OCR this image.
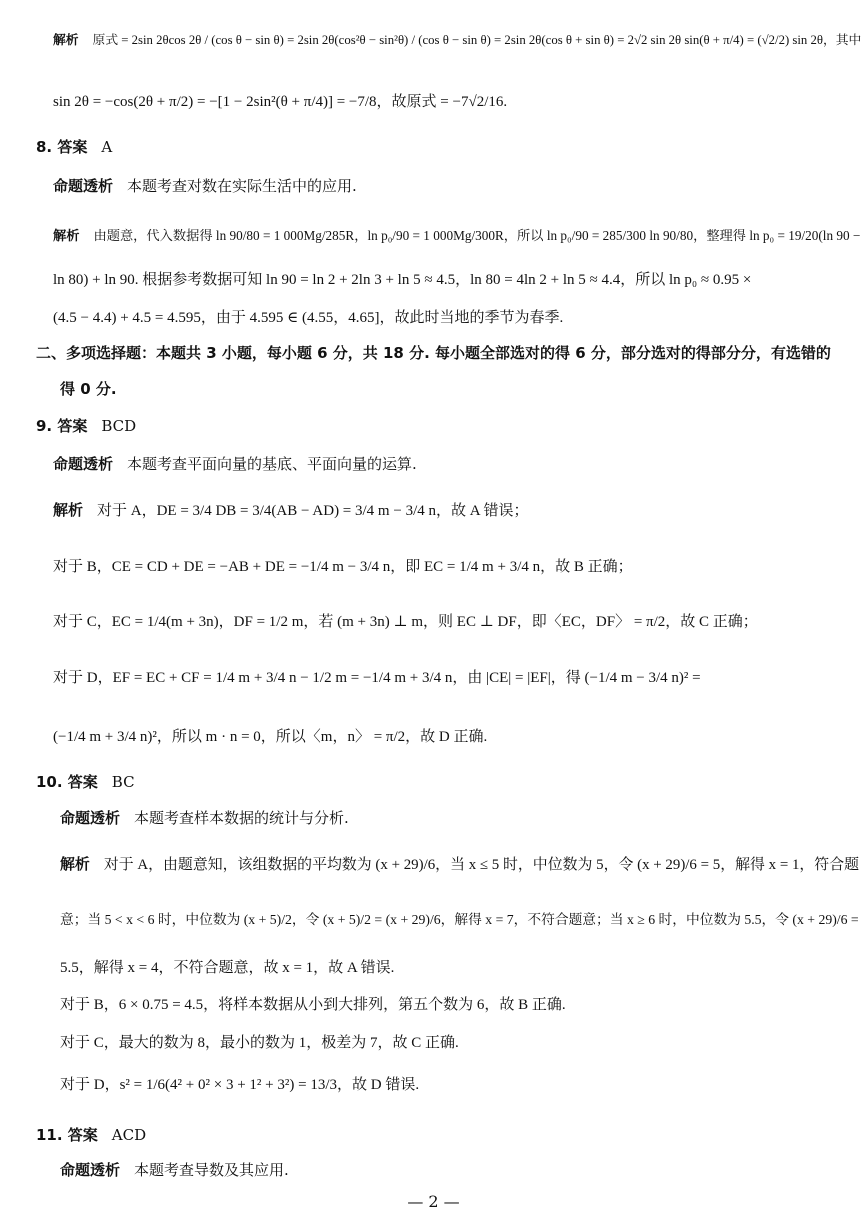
解析 原式 = 2sin 2θcos 2θ / (cos θ − sin θ) = 2sin 2θ(cos²θ − sin²θ) / (cos θ − sin θ) = 2sin 2θ(cos θ + sin θ) = 2√2 sin 2θ sin(θ + π/4) = (√2/2) sin 2θ，其中
sin 2θ = −cos(2θ + π/2) = −[1 − 2sin²(θ + π/4)] = −7/8，故原式 = −7√2/16.
8. 答案 A
命题透析 本题考查对数在实际生活中的应用.
解析 由题意，代入数据得 ln 90/80 = 1 000Mg/285R，ln p₀/90 = 1 000Mg/300R，所以 ln p₀/90 = 285/300 ln 90/80，整理得 ln p₀ = 19/20(ln 90 −
ln 80) + ln 90. 根据参考数据可知 ln 90 = ln 2 + 2ln 3 + ln 5 ≈ 4.5，ln 80 = 4ln 2 + ln 5 ≈ 4.4，所以 ln p₀ ≈ 0.95 ×
(4.5 − 4.4) + 4.5 = 4.595，由于 4.595 ∈ (4.55，4.65]，故此时当地的季节为春季.
二、多项选择题：本题共 3 小题，每小题 6 分，共 18 分. 每小题全部选对的得 6 分，部分选对的得部分分，有选错的
得 0 分.
9. 答案 BCD
命题透析 本题考查平面向量的基底、平面向量的运算.
解析 对于 A，DE = 3/4 DB = 3/4(AB − AD) = 3/4 m − 3/4 n，故 A 错误；
对于 B，CE = CD + DE = −AB + DE = −1/4 m − 3/4 n，即 EC = 1/4 m + 3/4 n，故 B 正确；
对于 C，EC = 1/4(m + 3n)，DF = 1/2 m，若 (m + 3n) ⊥ m，则 EC ⊥ DF，即〈EC，DF〉 = π/2，故 C 正确；
对于 D，EF = EC + CF = 1/4 m + 3/4 n − 1/2 m = −1/4 m + 3/4 n，由 |CE| = |EF|，得 (−1/4 m − 3/4 n)² =
(−1/4 m + 3/4 n)²，所以 m · n = 0，所以〈m，n〉 = π/2，故 D 正确.
10. 答案 BC
命题透析 本题考查样本数据的统计与分析.
解析 对于 A，由题意知，该组数据的平均数为 (x + 29)/6，当 x ≤ 5 时，中位数为 5，令 (x + 29)/6 = 5，解得 x = 1，符合题
意；当 5 < x < 6 时，中位数为 (x + 5)/2，令 (x + 5)/2 = (x + 29)/6，解得 x = 7，不符合题意；当 x ≥ 6 时，中位数为 5.5，令 (x + 29)/6 =
5.5，解得 x = 4，不符合题意，故 x = 1，故 A 错误.
对于 B，6 × 0.75 = 4.5，将样本数据从小到大排列，第五个数为 6，故 B 正确.
对于 C，最大的数为 8，最小的数为 1，极差为 7，故 C 正确.
对于 D，s² = 1/6(4² + 0² × 3 + 1² + 3²) = 13/3，故 D 错误.
11. 答案 ACD
命题透析 本题考查导数及其应用.
— 2 —
